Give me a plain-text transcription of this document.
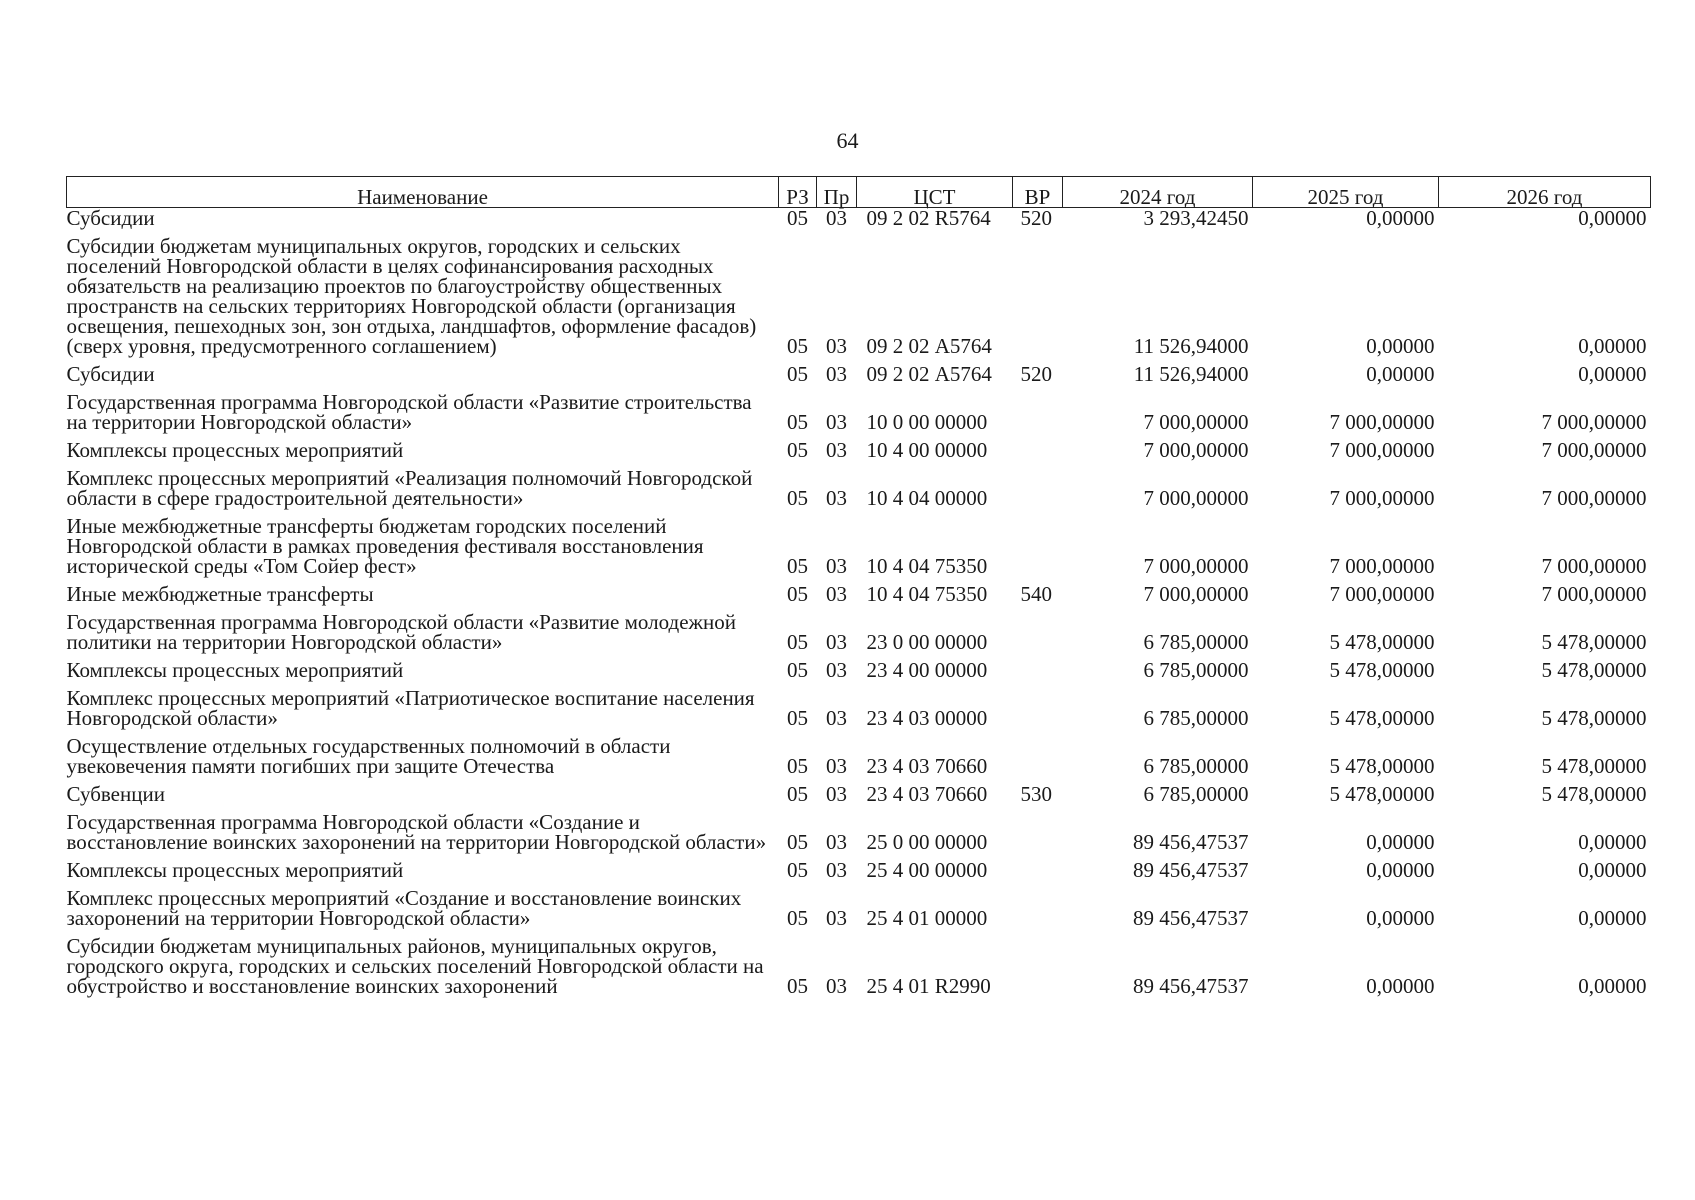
64
Наименование	РЗ	Пр	ЦСТ	ВР	2024 год	2025 год	2026 год
Субсидии	05	03	09 2 02 R5764	520	3 293,42450	0,00000	0,00000
Субсидии бюджетам муниципальных округов, городских и сельских поселений Новгородской области в целях софинансирования расходных обязательств на реализацию проектов по благоустройству общественных пространств на сельских территориях Новгородской области (организация освещения, пешеходных зон, зон отдыха, ландшафтов, оформление фасадов) (сверх уровня, предусмотренного соглашением)	05	03	09 2 02 А5764		11 526,94000	0,00000	0,00000
Субсидии	05	03	09 2 02 А5764	520	11 526,94000	0,00000	0,00000
Государственная программа Новгородской области «Развитие строительства на территории Новгородской области»	05	03	10 0 00 00000		7 000,00000	7 000,00000	7 000,00000
Комплексы процессных мероприятий	05	03	10 4 00 00000		7 000,00000	7 000,00000	7 000,00000
Комплекс процессных мероприятий «Реализация полномочий Новгородской области в сфере градостроительной деятельности»	05	03	10 4 04 00000		7 000,00000	7 000,00000	7 000,00000
Иные межбюджетные трансферты бюджетам городских поселений Новгородской области в рамках проведения фестиваля восстановления исторической среды «Том Сойер фест»	05	03	10 4 04 75350		7 000,00000	7 000,00000	7 000,00000
Иные межбюджетные трансферты	05	03	10 4 04 75350	540	7 000,00000	7 000,00000	7 000,00000
Государственная программа Новгородской области «Развитие молодежной политики на территории Новгородской области»	05	03	23 0 00 00000		6 785,00000	5 478,00000	5 478,00000
Комплексы процессных мероприятий	05	03	23 4 00 00000		6 785,00000	5 478,00000	5 478,00000
Комплекс процессных мероприятий «Патриотическое воспитание населения Новгородской области»	05	03	23 4 03 00000		6 785,00000	5 478,00000	5 478,00000
Осуществление отдельных государственных полномочий в области увековечения памяти погибших при защите Отечества	05	03	23 4 03 70660		6 785,00000	5 478,00000	5 478,00000
Субвенции	05	03	23 4 03 70660	530	6 785,00000	5 478,00000	5 478,00000
Государственная программа Новгородской области «Создание и восстановление воинских захоронений на территории Новгородской области»	05	03	25 0 00 00000		89 456,47537	0,00000	0,00000
Комплексы процессных мероприятий	05	03	25 4 00 00000		89 456,47537	0,00000	0,00000
Комплекс процессных мероприятий «Создание и восстановление воинских захоронений на территории Новгородской области»	05	03	25 4 01 00000		89 456,47537	0,00000	0,00000
Субсидии бюджетам муниципальных районов, муниципальных округов, городского округа, городских и сельских поселений Новгородской области на обустройство и восстановление воинских захоронений	05	03	25 4 01 R2990		89 456,47537	0,00000	0,00000
